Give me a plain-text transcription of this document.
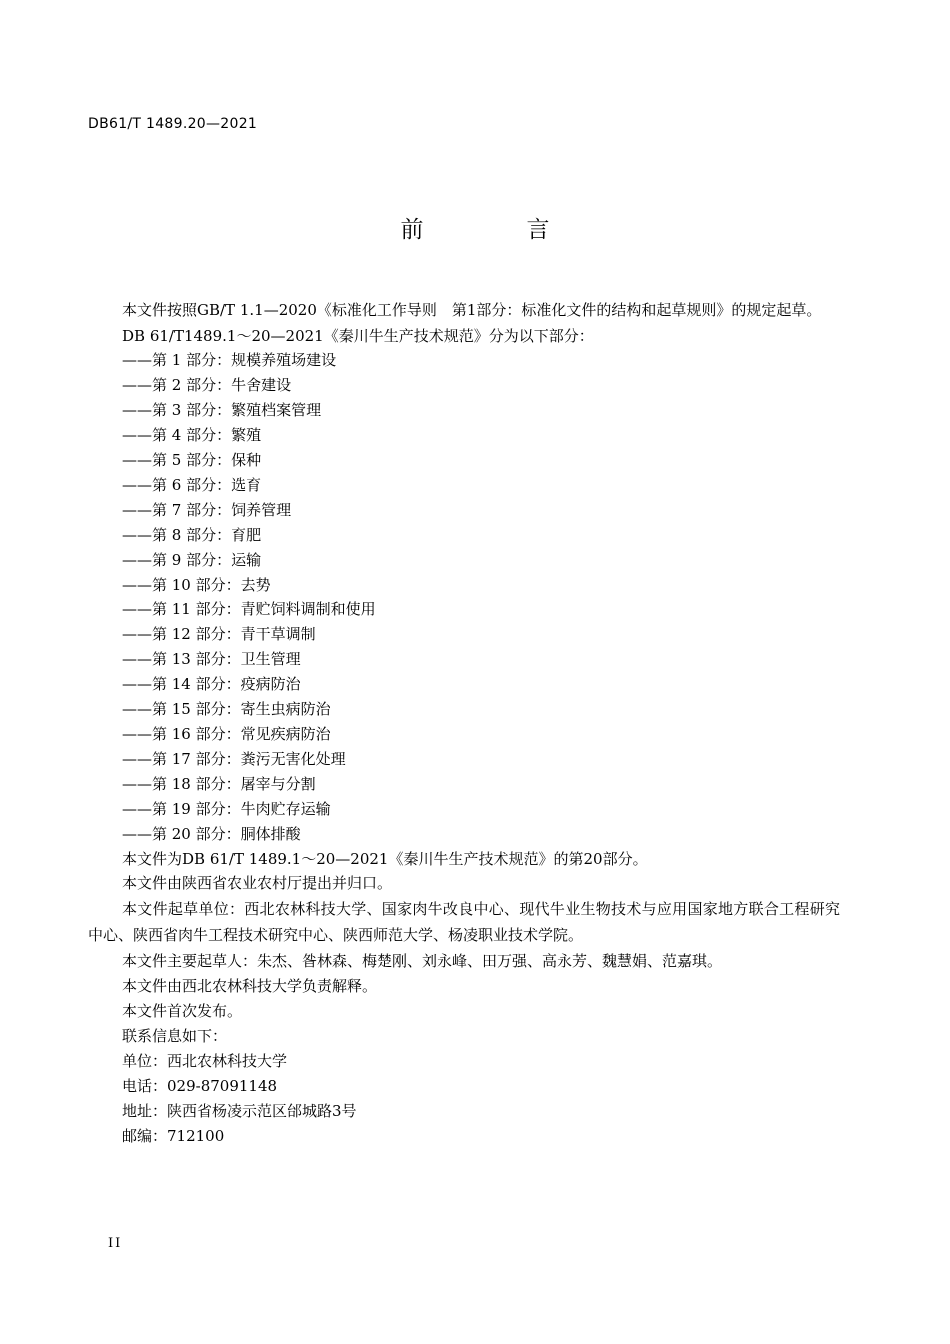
DB61/T 1489.20—2021
前　言

本文件按照GB/T 1.1—2020《标准化工作导则　第1部分：标准化文件的结构和起草规则》的规定起草。

DB 61/T1489.1～20—2021《秦川牛生产技术规范》分为以下部分：

——第 1 部分：规模养殖场建设

——第 2 部分：牛舍建设

——第 3 部分：繁殖档案管理

——第 4 部分：繁殖

——第 5 部分：保种

——第 6 部分：选育

——第 7 部分：饲养管理

——第 8 部分：育肥

——第 9 部分：运输

——第 10 部分：去势

——第 11 部分：青贮饲料调制和使用

——第 12 部分：青干草调制

——第 13 部分：卫生管理

——第 14 部分：疫病防治

——第 15 部分：寄生虫病防治

——第 16 部分：常见疾病防治

——第 17 部分：粪污无害化处理

——第 18 部分：屠宰与分割

——第 19 部分：牛肉贮存运输

——第 20 部分：胴体排酸

本文件为DB 61/T 1489.1～20—2021《秦川牛生产技术规范》的第20部分。

本文件由陕西省农业农村厅提出并归口。

本文件起草单位：西北农林科技大学、国家肉牛改良中心、现代牛业生物技术与应用国家地方联合工程研究中心、陕西省肉牛工程技术研究中心、陕西师范大学、杨凌职业技术学院。

本文件主要起草人：朱杰、昝林森、梅楚刚、刘永峰、田万强、高永芳、魏慧娟、范嘉琪。

本文件由西北农林科技大学负责解释。

本文件首次发布。

联系信息如下：

单位：西北农林科技大学

电话：029-87091148

地址：陕西省杨凌示范区邰城路3号

邮编：712100

II
